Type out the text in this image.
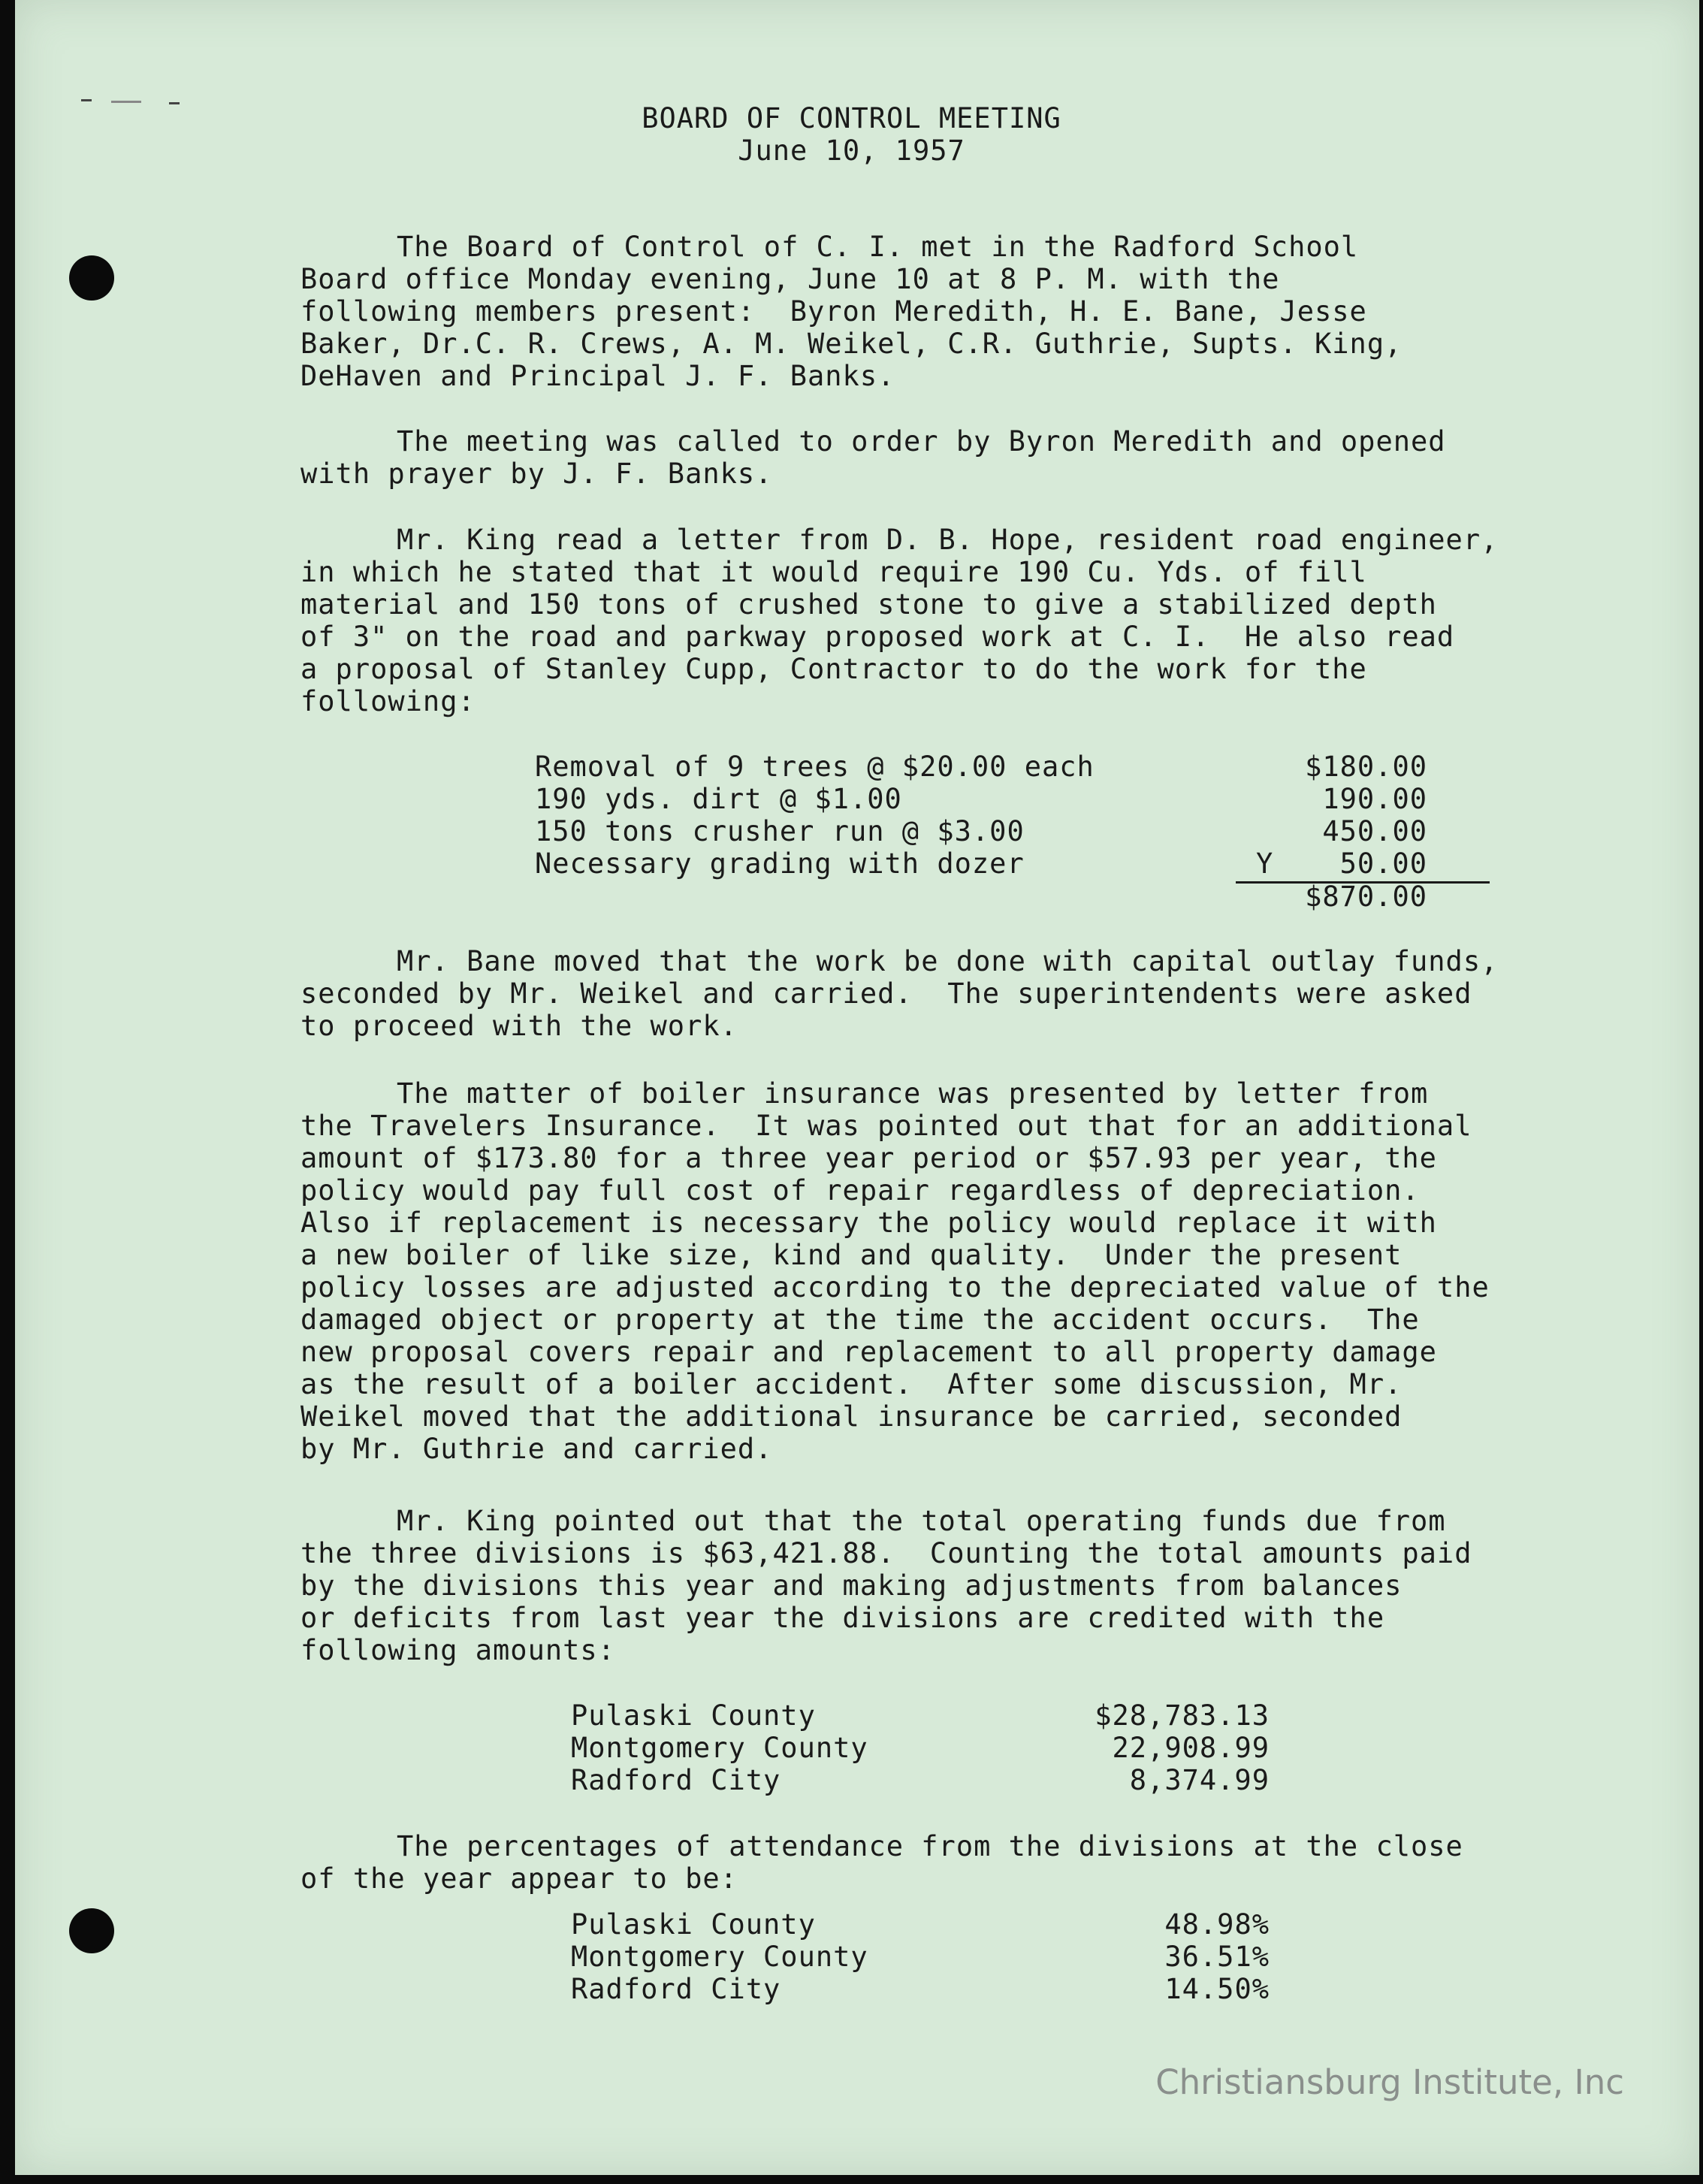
BOARD OF CONTROL MEETING
June 10, 1957
The Board of Control of C. I. met in the Radford School
Board office Monday evening, June 10 at 8 P. M. with the
following members present:  Byron Meredith, H. E. Bane, Jesse
Baker, Dr.C. R. Crews, A. M. Weikel, C.R. Guthrie, Supts. King,
DeHaven and Principal J. F. Banks.
The meeting was called to order by Byron Meredith and opened
with prayer by J. F. Banks.
Mr. King read a letter from D. B. Hope, resident road engineer,
in which he stated that it would require 190 Cu. Yds. of fill
material and 150 tons of crushed stone to give a stabilized depth
of 3" on the road and parkway proposed work at C. I.  He also read
a proposal of Stanley Cupp, Contractor to do the work for the
following:
Removal of 9 trees @ $20.00 each	$180.00
190 yds. dirt @ $1.00	190.00
150 tons crusher run @ $3.00	450.00
Necessary grading with dozer	Y	50.00
$870.00
Mr. Bane moved that the work be done with capital outlay funds,
seconded by Mr. Weikel and carried.  The superintendents were asked
to proceed with the work.
The matter of boiler insurance was presented by letter from
the Travelers Insurance.  It was pointed out that for an additional
amount of $173.80 for a three year period or $57.93 per year, the
policy would pay full cost of repair regardless of depreciation.
Also if replacement is necessary the policy would replace it with
a new boiler of like size, kind and quality.  Under the present
policy losses are adjusted according to the depreciated value of the
damaged object or property at the time the accident occurs.  The
new proposal covers repair and replacement to all property damage
as the result of a boiler accident.  After some discussion, Mr.
Weikel moved that the additional insurance be carried, seconded
by Mr. Guthrie and carried.
Mr. King pointed out that the total operating funds due from
the three divisions is $63,421.88.  Counting the total amounts paid
by the divisions this year and making adjustments from balances
or deficits from last year the divisions are credited with the
following amounts:
Pulaski County	$28,783.13
Montgomery County	22,908.99
Radford City	8,374.99
The percentages of attendance from the divisions at the close
of the year appear to be:
Pulaski County	48.98%
Montgomery County	36.51%
Radford City	14.50%
Christiansburg Institute, Inc
